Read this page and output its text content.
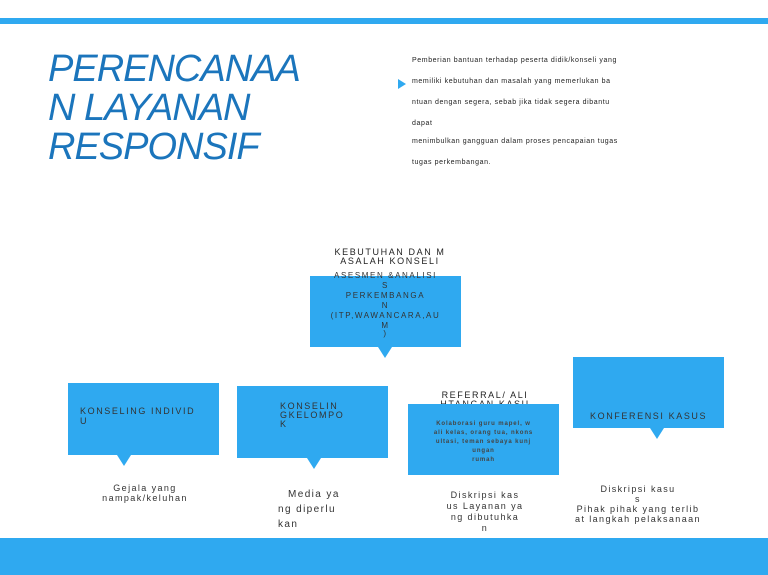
PERENCANAA
N LAYANAN
RESPONSIF

Pemberian bantuan terhadap peserta didik/konseli yang

memiliki kebutuhan dan masalah yang memerlukan ba

ntuan dengan segera, sebab jika tidak segera dibantu

dapat

menimbulkan gangguan dalam proses pencapaian tugas

tugas perkembangan.

KEBUTUHAN DAN M
ASALAH KONSELI
ASESMEN &ANALISI
S
PERKEMBANGA
N
(ITP,WAWANCARA,AU
M
)
KONSELING INDIVID
U
KONSELIN
GKELOMPO
K
REFERRAL/ ALI
Kolaborasi guru mapel, w
ali kelas, orang tua, nkons
ultasi, teman sebaya kunj
ungan
rumah
KONFERENSI KASUS
Gejala yang
nampak/keluhan	Media ya
ng diperlu
kan
Diskripsi kas
us Layanan ya
ng dibutuhka
n
Diskripsi kasu
s
Pihak pihak yang terlib
at langkah pelaksanaan
